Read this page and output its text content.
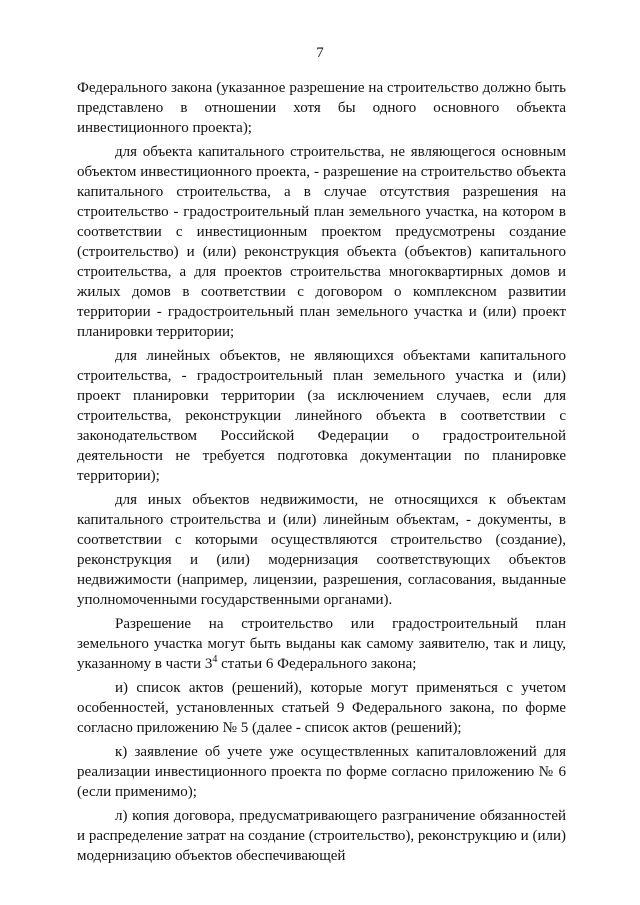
7

Федерального закона (указанное разрешение на строительство должно быть представлено в отношении хотя бы одного основного объекта инвестиционного проекта);

для объекта капитального строительства, не являющегося основным объектом инвестиционного проекта, - разрешение на строительство объекта капитального строительства, а в случае отсутствия разрешения на строительство - градостроительный план земельного участка, на котором в соответствии с инвестиционным проектом предусмотрены создание (строительство) и (или) реконструкция объекта (объектов) капитального строительства, а для проектов строительства многоквартирных домов и жилых домов в соответствии с договором о комплексном развитии территории - градостроительный план земельного участка и (или) проект планировки территории;

для линейных объектов, не являющихся объектами капитального строительства, - градостроительный план земельного участка и (или) проект планировки территории (за исключением случаев, если для строительства, реконструкции линейного объекта в соответствии с законодательством Российской Федерации о градостроительной деятельности не требуется подготовка документации по планировке территории);

для иных объектов недвижимости, не относящихся к объектам капитального строительства и (или) линейным объектам, - документы, в соответствии с которыми осуществляются строительство (создание), реконструкция и (или) модернизация соответствующих объектов недвижимости (например, лицензии, разрешения, согласования, выданные уполномоченными государственными органами).

Разрешение на строительство или градостроительный план земельного участка могут быть выданы как самому заявителю, так и лицу, указанному в части $3^4$ статьи 6 Федерального закона;

и) список актов (решений), которые могут применяться с учетом особенностей, установленных статьей 9 Федерального закона, по форме согласно приложению № 5 (далее - список актов (решений);

к) заявление об учете уже осуществленных капиталовложений для реализации инвестиционного проекта по форме согласно приложению № 6 (если применимо);

л) копия договора, предусматривающего разграничение обязанностей и распределение затрат на создание (строительство), реконструкцию и (или) модернизацию объектов обеспечивающей
